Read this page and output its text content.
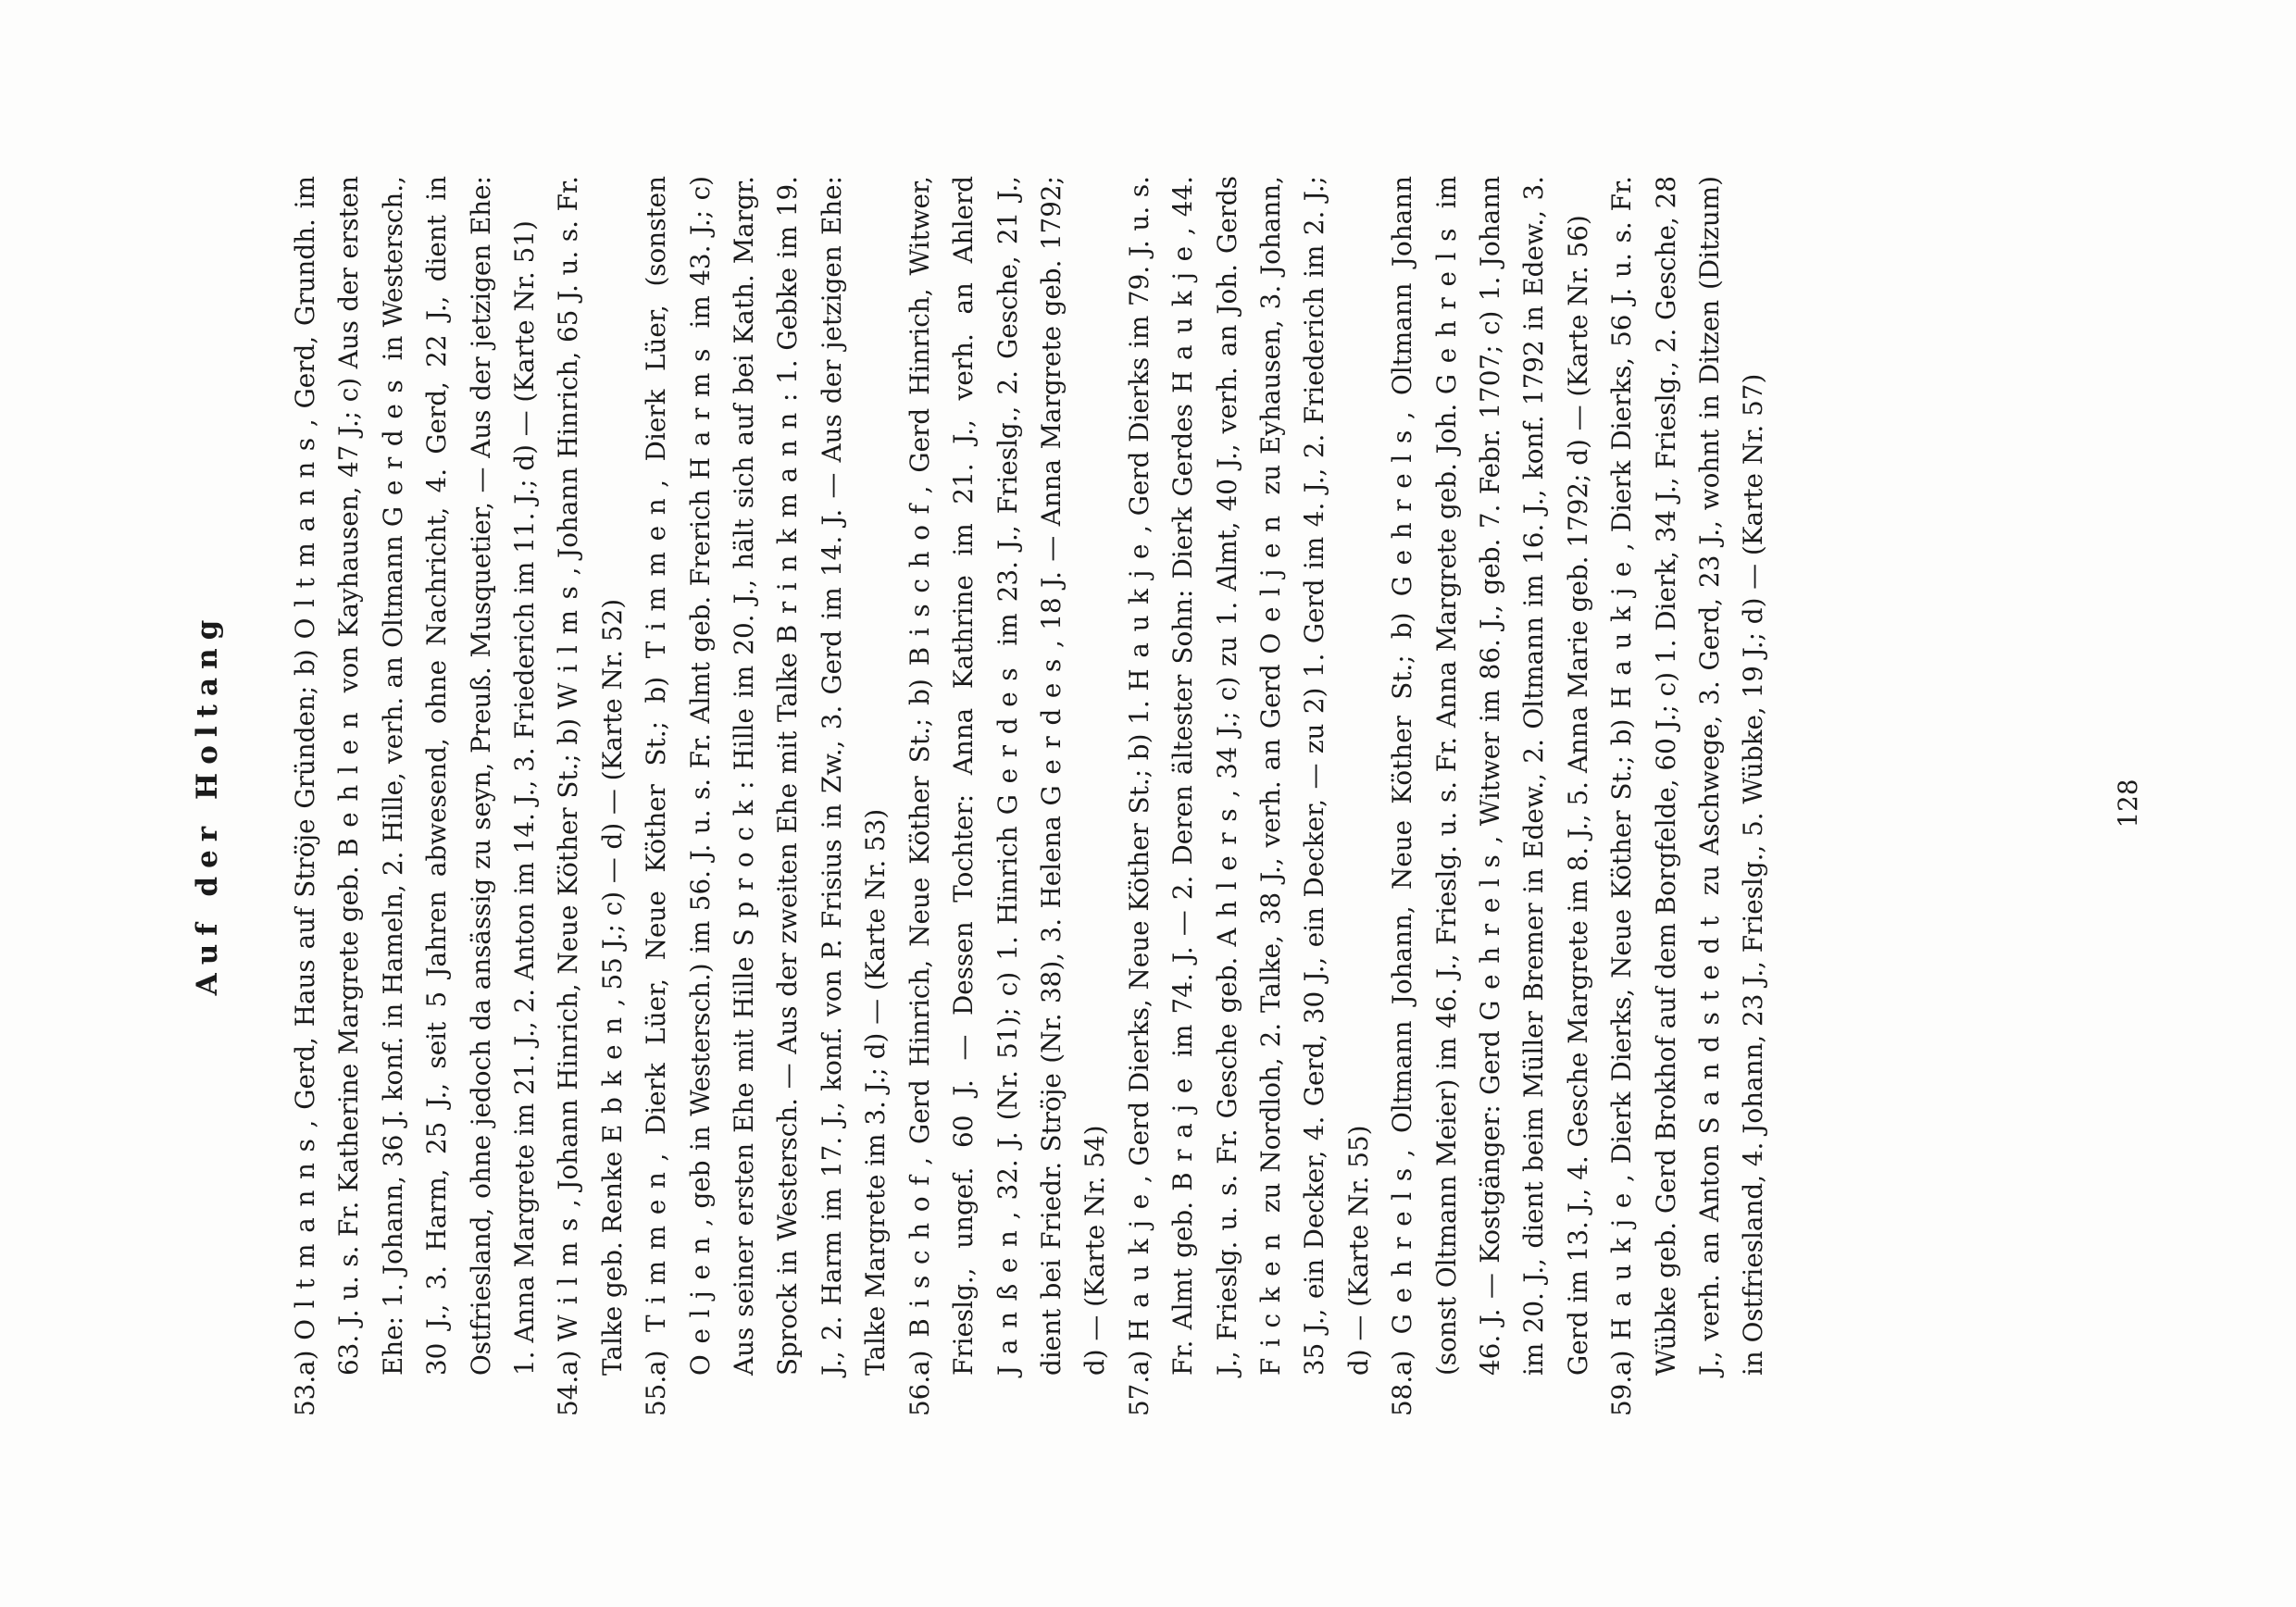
Auf der Holtang

53.
a) Oltmanns, Gerd, Haus auf Ströje Gründen; b) Oltmanns, Gerd, Grundh. im 63. J. u. s. Fr. Katherine Margrete geb. Behlen von Kayhausen, 47 J.; c) Aus der ersten Ehe: 1. Johann, 36 J. konf. in Hameln, 2. Hille, verh. an Oltmann Gerdes in Westersch., 30 J., 3. Harm, 25 J., seit 5 Jahren abwesend, ohne Nachricht, 4. Gerd, 22 J., dient in Ostfriesland, ohne jedoch da ansässig zu seyn, Preuß. Musquetier, — Aus der jetzigen Ehe: 1. Anna Margrete im 21. J., 2. Anton im 14. J., 3. Friederich im 11. J.; d) — (Karte Nr. 51)

54.
a) Wilms, Johann Hinrich, Neue Köther St.; b) Wilms, Johann Hinrich, 65 J. u. s. Fr. Talke geb. Renke Ebken, 55 J.; c) — d) — (Karte Nr. 52)

55.
a) Timmen, Dierk Lüer, Neue Köther St.; b) Timmen, Dierk Lüer, (sonsten Oeljen, geb in Westersch.) im 56. J. u. s. Fr. Almt geb. Frerich Harms im 43. J.; c) Aus seiner ersten Ehe mit Hille Sprock: Hille im 20. J., hält sich auf bei Kath. Margr. Sprock in Westersch. — Aus der zweiten Ehe mit Talke Brinkmann: 1. Gebke im 19. J., 2. Harm im 17. J., konf. von P. Frisius in Zw., 3. Gerd im 14. J. — Aus der jetzigen Ehe: Talke Margrete im 3. J.; d) — (Karte Nr. 53)

56.
a) Bischof, Gerd Hinrich, Neue Köther St.; b) Bischof, Gerd Hinrich, Witwer, Frieslg., ungef. 60 J. — Dessen Tochter: Anna Kathrine im 21. J., verh. an Ahlerd Janßen, 32. J. (Nr. 51); c) 1. Hinrich Gerdes im 23. J., Frieslg., 2. Gesche, 21 J., dient bei Friedr. Ströje (Nr. 38), 3. Helena Gerdes, 18 J. — Anna Margrete geb. 1792; d) — (Karte Nr. 54)

57.
a) Haukje, Gerd Dierks, Neue Köther St.; b) 1. Haukje, Gerd Dierks im 79. J. u. s. Fr. Almt geb. Braje im 74. J. — 2. Deren ältester Sohn: Dierk Gerdes Haukje, 44. J., Frieslg. u. s. Fr. Gesche geb. Ahlers, 34 J.; c) zu 1. Almt, 40 J., verh. an Joh. Gerds Ficken zu Nordloh, 2. Talke, 38 J., verh. an Gerd Oeljen zu Eyhausen, 3. Johann, 35 J., ein Decker, 4. Gerd, 30 J., ein Decker, — zu 2) 1. Gerd im 4. J., 2. Friederich im 2. J.; d) — (Karte Nr. 55)

58.
a) Gehrels, Oltmann Johann, Neue Köther St.; b) Gehrels, Oltmann Johann (sonst Oltmann Meier) im 46. J., Frieslg. u. s. Fr. Anna Margrete geb. Joh. Gehrels im 46. J. — Kostgänger: Gerd Gehrels, Witwer im 86. J., geb. 7. Febr. 1707; c) 1. Johann im 20. J., dient beim Müller Bremer in Edew., 2. Oltmann im 16. J., konf. 1792 in Edew., 3. Gerd im 13. J., 4. Gesche Margrete im 8. J., 5. Anna Marie geb. 1792; d) — (Karte Nr. 56)

59.
a) Haukje, Dierk Dierks, Neue Köther St.; b) Haukje, Dierk Dierks, 56 J. u. s. Fr. Wübke geb. Gerd Brokhof auf dem Borgfelde, 60 J.; c) 1. Dierk, 34 J., Frieslg., 2. Gesche, 28 J., verh. an Anton Sandstedt zu Aschwege, 3. Gerd, 23 J., wohnt in Ditzen (Ditzum) in Ostfriesland, 4. Johann, 23 J., Frieslg., 5. Wübke, 19 J.; d) — (Karte Nr. 57)	128
